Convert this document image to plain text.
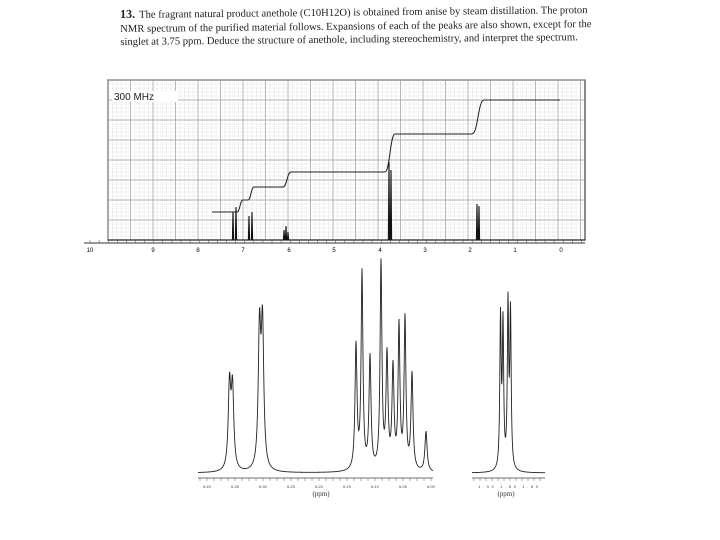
13. The fragrant natural product anethole (C10H12O) is obtained from anise by steam distillation. The proton NMR spectrum of the purified material follows. Expansions of each of the peaks are also shown, except for the singlet at 3.75 ppm. Deduce the structure of anethole, including stereochemistry, and interpret the spectrum.
300 MHz
10	9	8	7	6	5	4	3	2	1	0
6.40	6.35	6.30	6.25	6.20	6.15	6.10	6.05	6.00
(ppm)
1.90 1.85 1.80
(ppm)
